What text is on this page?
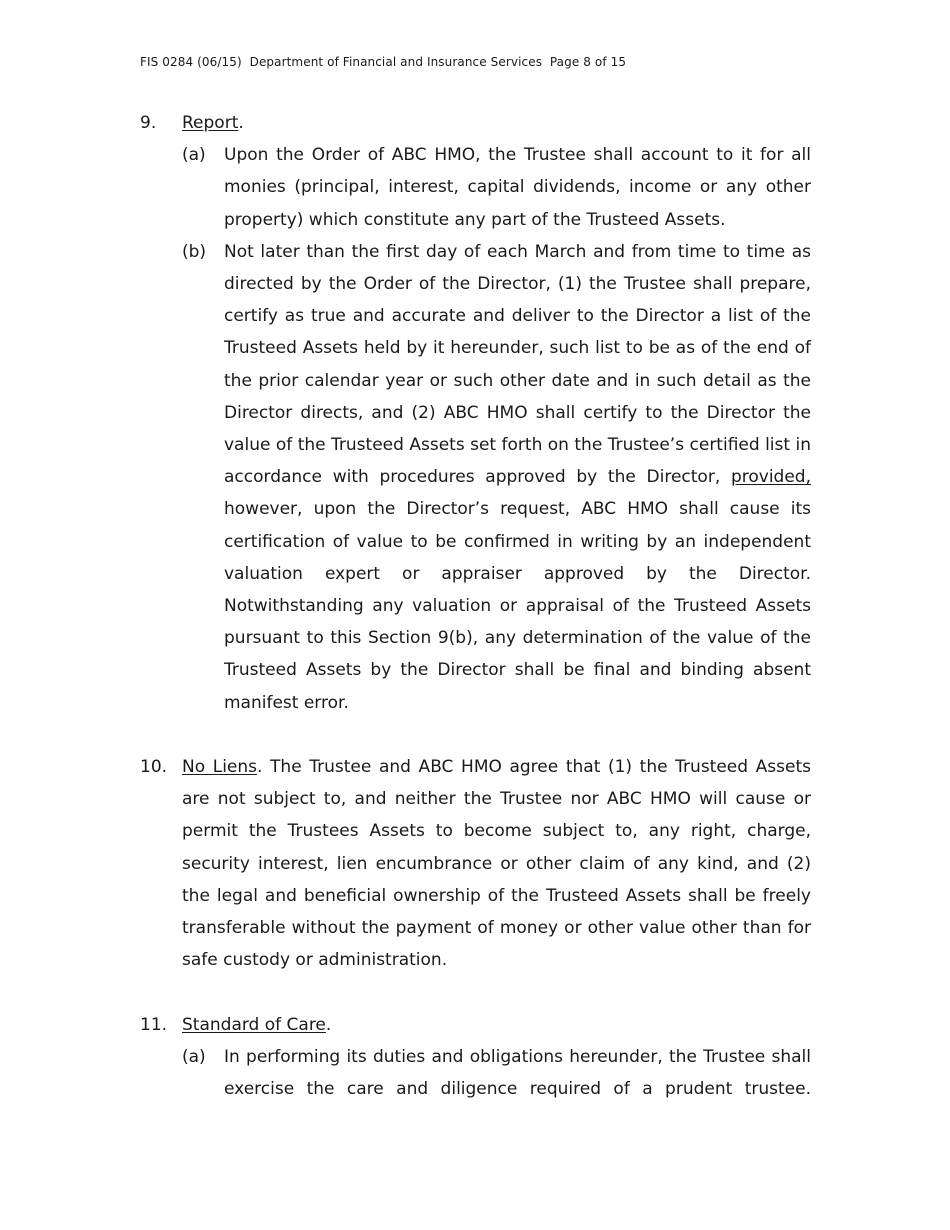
FIS 0284 (06/15)  Department of Financial and Insurance Services  Page 8 of 15
9. Report.
(a) Upon the Order of ABC HMO, the Trustee shall account to it for all monies (principal, interest, capital dividends, income or any other property) which constitute any part of the Trusteed Assets.
(b) Not later than the first day of each March and from time to time as directed by the Order of the Director, (1) the Trustee shall prepare, certify as true and accurate and deliver to the Director a list of the Trusteed Assets held by it hereunder, such list to be as of the end of the prior calendar year or such other date and in such detail as the Director directs, and (2) ABC HMO shall certify to the Director the value of the Trusteed Assets set forth on the Trustee’s certified list in accordance with procedures approved by the Director, provided, however, upon the Director’s request, ABC HMO shall cause its certification of value to be confirmed in writing by an independent valuation expert or appraiser approved by the Director. Notwithstanding any valuation or appraisal of the Trusteed Assets pursuant to this Section 9(b), any determination of the value of the Trusteed Assets by the Director shall be final and binding absent manifest error.
10. No Liens. The Trustee and ABC HMO agree that (1) the Trusteed Assets are not subject to, and neither the Trustee nor ABC HMO will cause or permit the Trustees Assets to become subject to, any right, charge, security interest, lien encumbrance or other claim of any kind, and (2) the legal and beneficial ownership of the Trusteed Assets shall be freely transferable without the payment of money or other value other than for safe custody or administration.
11. Standard of Care.
(a) In performing its duties and obligations hereunder, the Trustee shall exercise the care and diligence required of a prudent trustee.
